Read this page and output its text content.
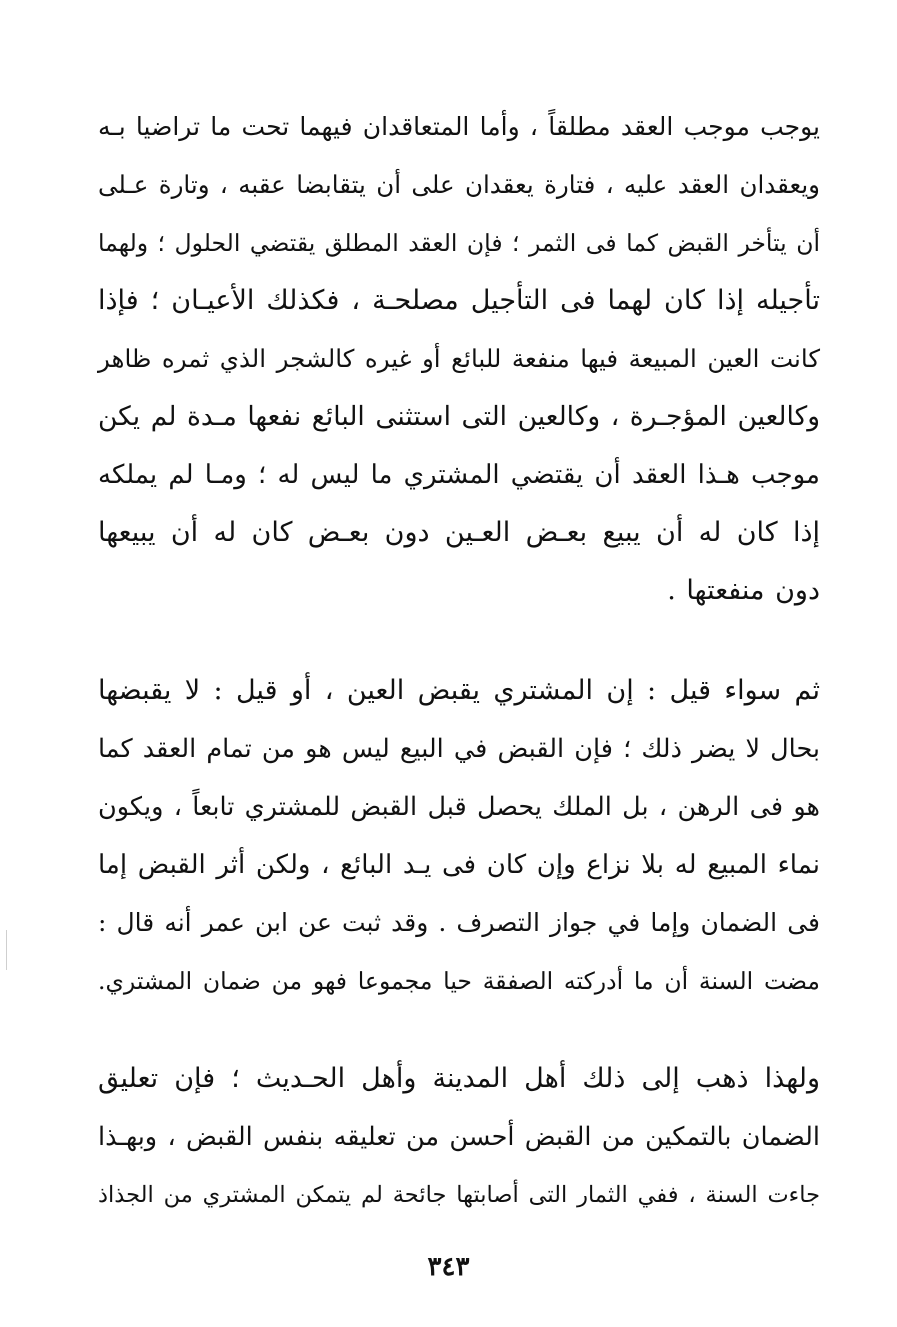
يوجب موجب العقد مطلقاً ، وأما المتعاقدان فيهما تحت ما تراضيا بـه
ويعقدان العقد عليه ، فتارة يعقدان على أن يتقابضا عقبه ، وتارة عـلى
أن يتأخر القبض كما فى الثمر ؛ فإن العقد المطلق يقتضي الحلول ؛ ولهما
تأجيله إذا كان لهما فى التأجيل مصلحـة ، فكذلك الأعيـان ؛ فإذا
كانت العين المبيعة فيها منفعة للبائع أو غيره كالشجر الذي ثمره ظاهر
وكالعين المؤجـرة ، وكالعين التى استثنى البائع نفعها مـدة لم يكن
موجب هـذا العقد أن يقتضي المشتري ما ليس له ؛ ومـا لم يملكه
إذا كان له أن يبيع بعـض العـين دون بعـض كان له أن يبيعها
دون منفعتها .
ثم سواء قيل : إن المشتري يقبض العين ، أو قيل : لا يقبضها
بحال لا يضر ذلك ؛ فإن القبض في البيع ليس هو من تمام العقد كما
هو فى الرهن ، بل الملك يحصل قبل القبض للمشتري تابعاً ، ويكون
نماء المبيع له بلا نزاع وإن كان فى يـد البائع ، ولكن أثر القبض إما
فى الضمان وإما في جواز التصرف . وقد ثبت عن ابن عمر أنه قال :
مضت السنة أن ما أدركته الصفقة حيا مجموعا فهو من ضمان المشتري.
ولهذا ذهب إلى ذلك أهل المدينة وأهل الحـديث ؛ فإن تعليق
الضمان بالتمكين من القبض أحسن من تعليقه بنفس القبض ، وبهـذا
جاءت السنة ، ففي الثمار التى أصابتها جائحة لم يتمكن المشتري من الجذاذ
٣٤٣
